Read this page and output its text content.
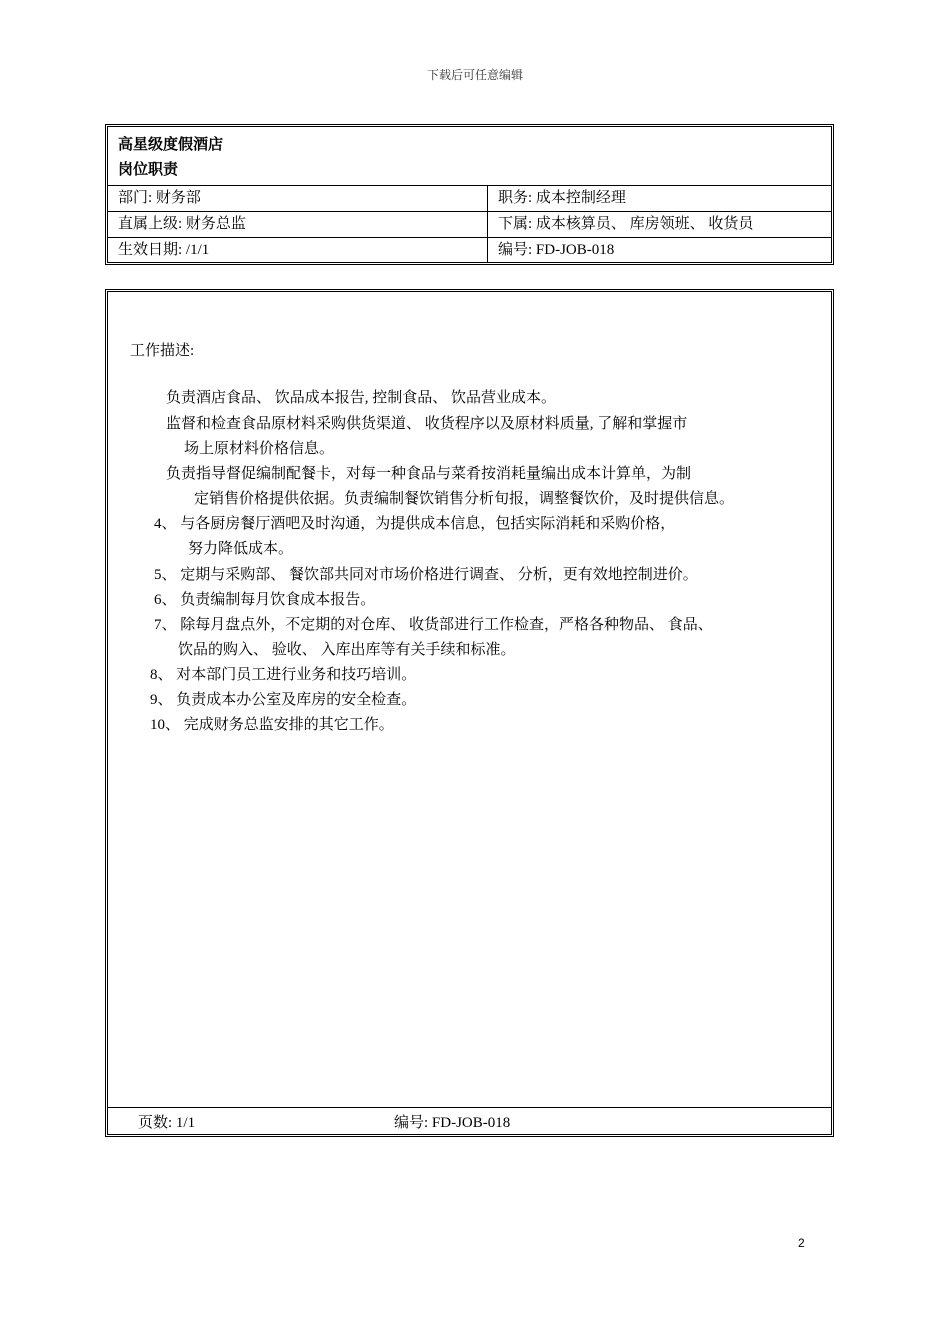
下载后可任意编辑
高星级度假酒店
岗位职责
部门: 财务部	职务: 成本控制经理
直属上级: 财务总监	下属: 成本核算员、 库房领班、 收货员
生效日期: /1/1	编号: FD-JOB-018
工作描述:
负责酒店食品、 饮品成本报告, 控制食品、 饮品营业成本。
监督和检查食品原材料采购供货渠道、 收货程序以及原材料质量, 了解和掌握市
场上原材料价格信息。
负责指导督促编制配餐卡，对每一种食品与菜肴按消耗量编出成本计算单，为制
定销售价格提供依据。负责编制餐饮销售分析旬报，调整餐饮价，及时提供信息。
4、 与各厨房餐厅酒吧及时沟通，为提供成本信息，包括实际消耗和采购价格，
努力降低成本。
5、 定期与采购部、 餐饮部共同对市场价格进行调查、 分析，更有效地控制进价。
6、 负责编制每月饮食成本报告。
7、 除每月盘点外，不定期的对仓库、 收货部进行工作检查，严格各种物品、 食品、
饮品的购入、 验收、 入库出库等有关手续和标准。
8、 对本部门员工进行业务和技巧培训。
9、 负责成本办公室及库房的安全检查。
10、 完成财务总监安排的其它工作。
页数: 1/1	编号: FD-JOB-018
2
